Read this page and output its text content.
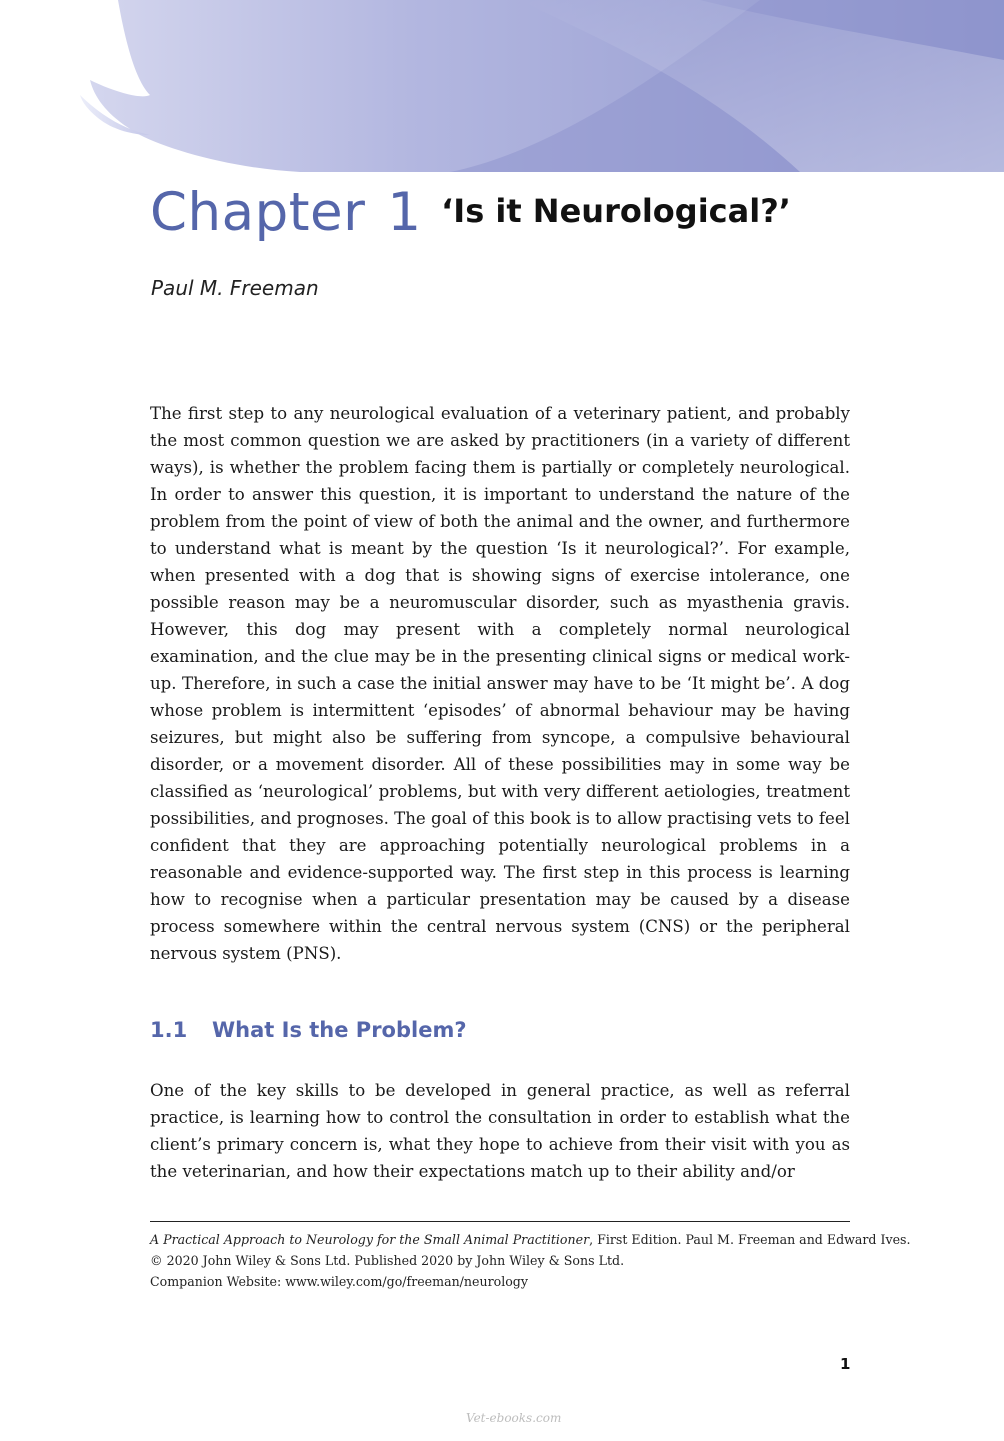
Chapter 1 ‘Is it Neurological?’
Paul M. Freeman

The first step to any neurological evaluation of a veterinary patient, and probably the most common question we are asked by practitioners (in a variety of different ways), is whether the problem facing them is partially or completely neurological. In order to answer this question, it is important to understand the nature of the problem from the point of view of both the animal and the owner, and furthermore to understand what is meant by the question ‘Is it neurological?’. For example, when presented with a dog that is showing signs of exercise intolerance, one possible reason may be a neuromuscular disorder, such as myasthenia gravis. However, this dog may present with a completely normal neurological examination, and the clue may be in the presenting clinical signs or medical work-up. Therefore, in such a case the initial answer may have to be ‘It might be’. A dog whose problem is intermittent ‘episodes’ of abnormal behaviour may be having seizures, but might also be suffering from syncope, a compulsive behavioural disorder, or a movement disorder. All of these possibilities may in some way be classified as ‘neurological’ problems, but with very different aetiologies, treatment possibilities, and prognoses. The goal of this book is to allow practising vets to feel confident that they are approaching potentially neurological problems in a reasonable and evidence-supported way. The first step in this process is learning how to recognise when a particular presentation may be caused by a disease process somewhere within the central nervous system (CNS) or the peripheral nervous system (PNS).

1.1 What Is the Problem?

One of the key skills to be developed in general practice, as well as referral practice, is learning how to control the consultation in order to establish what the client’s primary concern is, what they hope to achieve from their visit with you as the veterinarian, and how their expectations match up to their ability and/or

A Practical Approach to Neurology for the Small Animal Practitioner, First Edition. Paul M. Freeman and Edward Ives.
© 2020 John Wiley & Sons Ltd. Published 2020 by John Wiley & Sons Ltd.
Companion Website: www.wiley.com/go/freeman/neurology
1
Vet-ebooks.com
